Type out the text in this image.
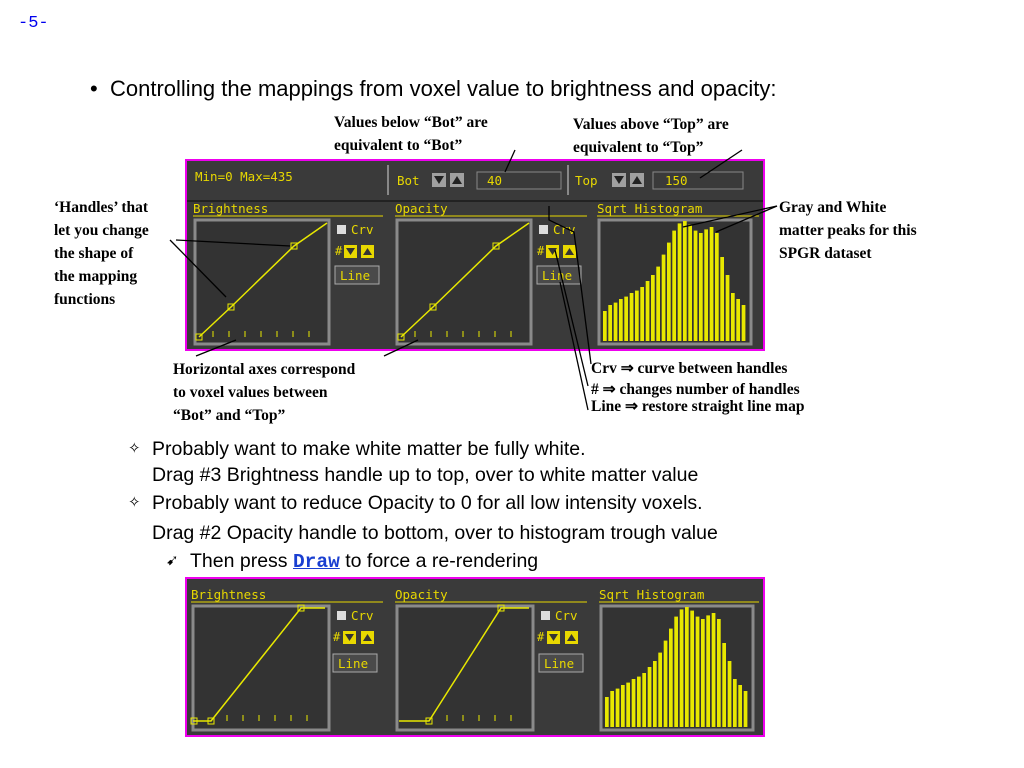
-5-
• Controlling the mappings from voxel value to brightness and opacity:
Values below “Bot” are
equivalent to “Bot”
Values above “Top” are
equivalent to “Top”
‘Handles’ that
let you change
the shape of
the mapping
functions
Gray and White
matter peaks for this
SPGR dataset
Horizontal axes correspond
to voxel values between
“Bot” and “Top”
Crv ⇒ curve between handles
# ⇒ changes number of handles
Line ⇒ restore straight line map
✧ Probably want to make white matter be fully white.
Drag #3 Brightness handle up to top, over to white matter value
✧ Probably want to reduce Opacity to 0 for all low intensity voxels.
Drag #2 Opacity handle to bottom, over to histogram trough value
➹ Then press Draw to force a re-rendering
Min=0 Max=435	Bot	40	Top	150
Brightness
Crv
#
Line
Opacity
Crv
#
Line
Sqrt Histogram
Brightness
Crv
#
Line
Opacity
Crv
#
Line
Sqrt Histogram
